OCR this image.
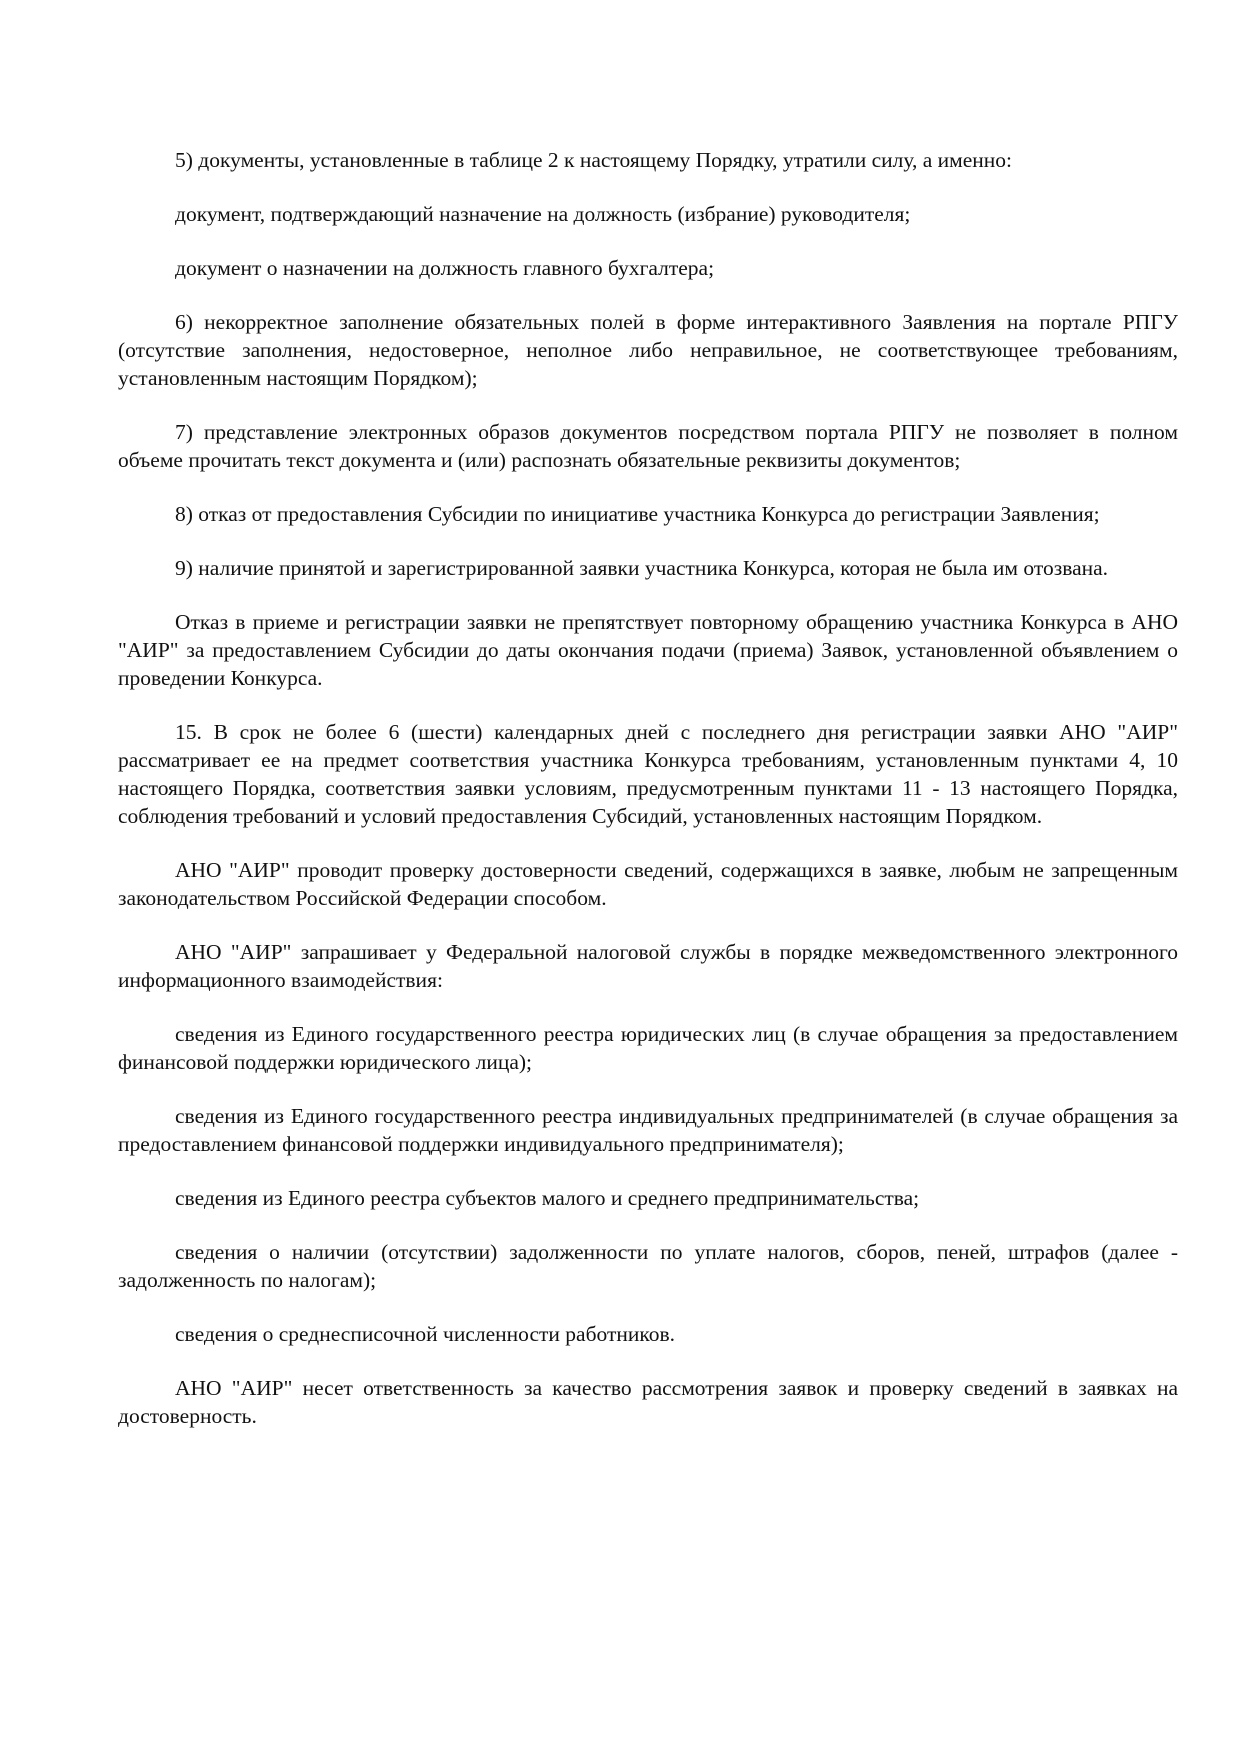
5) документы, установленные в таблице 2 к настоящему Порядку, утратили силу, а именно:

документ, подтверждающий назначение на должность (избрание) руководителя;

документ о назначении на должность главного бухгалтера;

6) некорректное заполнение обязательных полей в форме интерактивного Заявления на портале РПГУ (отсутствие заполнения, недостоверное, неполное либо неправильное, не соответствующее требованиям, установленным настоящим Порядком);

7) представление электронных образов документов посредством портала РПГУ не позволяет в полном объеме прочитать текст документа и (или) распознать обязательные реквизиты документов;

8) отказ от предоставления Субсидии по инициативе участника Конкурса до регистрации Заявления;

9) наличие принятой и зарегистрированной заявки участника Конкурса, которая не была им отозвана.

Отказ в приеме и регистрации заявки не препятствует повторному обращению участника Конкурса в АНО "АИР" за предоставлением Субсидии до даты окончания подачи (приема) Заявок, установленной объявлением о проведении Конкурса.

15. В срок не более 6 (шести) календарных дней с последнего дня регистрации заявки АНО "АИР" рассматривает ее на предмет соответствия участника Конкурса требованиям, установленным пунктами 4, 10 настоящего Порядка, соответствия заявки условиям, предусмотренным пунктами 11 - 13 настоящего Порядка, соблюдения требований и условий предоставления Субсидий, установленных настоящим Порядком.

АНО "АИР" проводит проверку достоверности сведений, содержащихся в заявке, любым не запрещенным законодательством Российской Федерации способом.

АНО "АИР" запрашивает у Федеральной налоговой службы в порядке межведомственного электронного информационного взаимодействия:

сведения из Единого государственного реестра юридических лиц (в случае обращения за предоставлением финансовой поддержки юридического лица);

сведения из Единого государственного реестра индивидуальных предпринимателей (в случае обращения за предоставлением финансовой поддержки индивидуального предпринимателя);

сведения из Единого реестра субъектов малого и среднего предпринимательства;

сведения о наличии (отсутствии) задолженности по уплате налогов, сборов, пеней, штрафов (далее - задолженность по налогам);

сведения о среднесписочной численности работников.

АНО "АИР" несет ответственность за качество рассмотрения заявок и проверку сведений в заявках на достоверность.
